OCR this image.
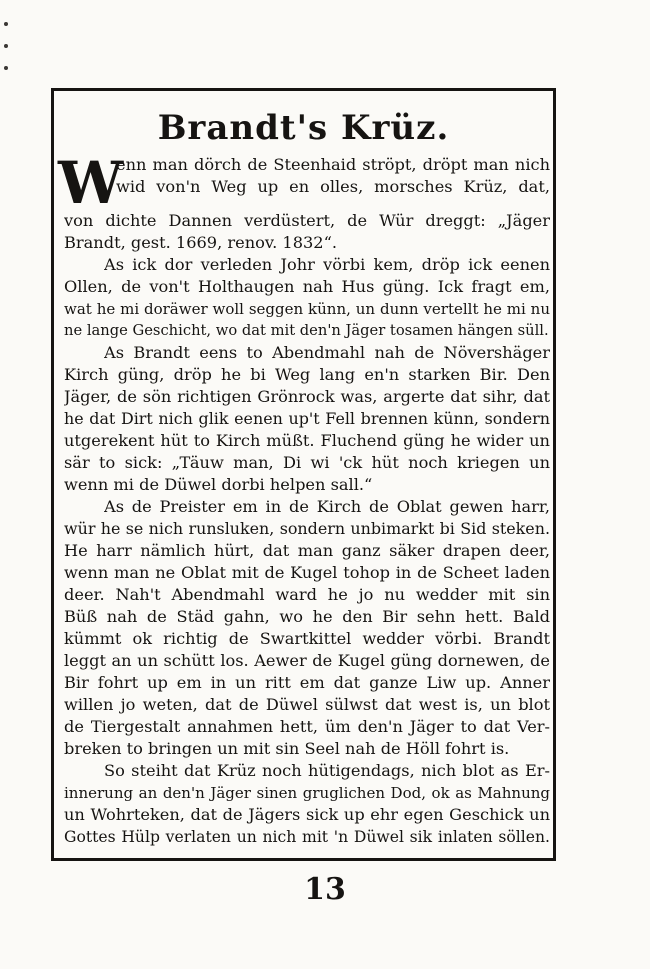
Brandt's Krüz.
W

enn man dörch de Steenhaid ströpt, dröpt man nich

wid von'n Weg up en olles, morsches Krüz, dat,

von dichte Dannen verdüstert, de Wür dreggt: „Jäger

Brandt, gest. 1669, renov. 1832“.

As ick dor verleden Johr vörbi kem, dröp ick eenen

Ollen, de von't Holthaugen nah Hus güng. Ick fragt em,

wat he mi doräwer woll seggen künn, un dunn vertellt he mi nu

ne lange Geschicht, wo dat mit den'n Jäger tosamen hängen süll.

As Brandt eens to Abendmahl nah de Növershäger

Kirch güng, dröp he bi Weg lang en'n starken Bir. Den

Jäger, de sön richtigen Grönrock was, argerte dat sihr, dat

he dat Dirt nich glik eenen up't Fell brennen künn, sondern

utgerekent hüt to Kirch müßt. Fluchend güng he wider un

sär to sick: „Täuw man, Di wi 'ck hüt noch kriegen un

wenn mi de Düwel dorbi helpen sall.“

As de Preister em in de Kirch de Oblat gewen harr,

wür he se nich runsluken, sondern unbimarkt bi Sid steken.

He harr nämlich hürt, dat man ganz säker drapen deer,

wenn man ne Oblat mit de Kugel tohop in de Scheet laden

deer. Nah't Abendmahl ward he jo nu wedder mit sin

Büß nah de Städ gahn, wo he den Bir sehn hett. Bald

kümmt ok richtig de Swartkittel wedder vörbi. Brandt

leggt an un schütt los. Aewer de Kugel güng dornewen, de

Bir fohrt up em in un ritt em dat ganze Liw up. Anner

willen jo weten, dat de Düwel sülwst dat west is, un blot

de Tiergestalt annahmen hett, üm den'n Jäger to dat Ver-

breken to bringen un mit sin Seel nah de Höll fohrt is.

So steiht dat Krüz noch hütigendags, nich blot as Er-

innerung an den'n Jäger sinen gruglichen Dod, ok as Mahnung

un Wohrteken, dat de Jägers sick up ehr egen Geschick un

Gottes Hülp verlaten un nich mit 'n Düwel sik inlaten söllen.

13
